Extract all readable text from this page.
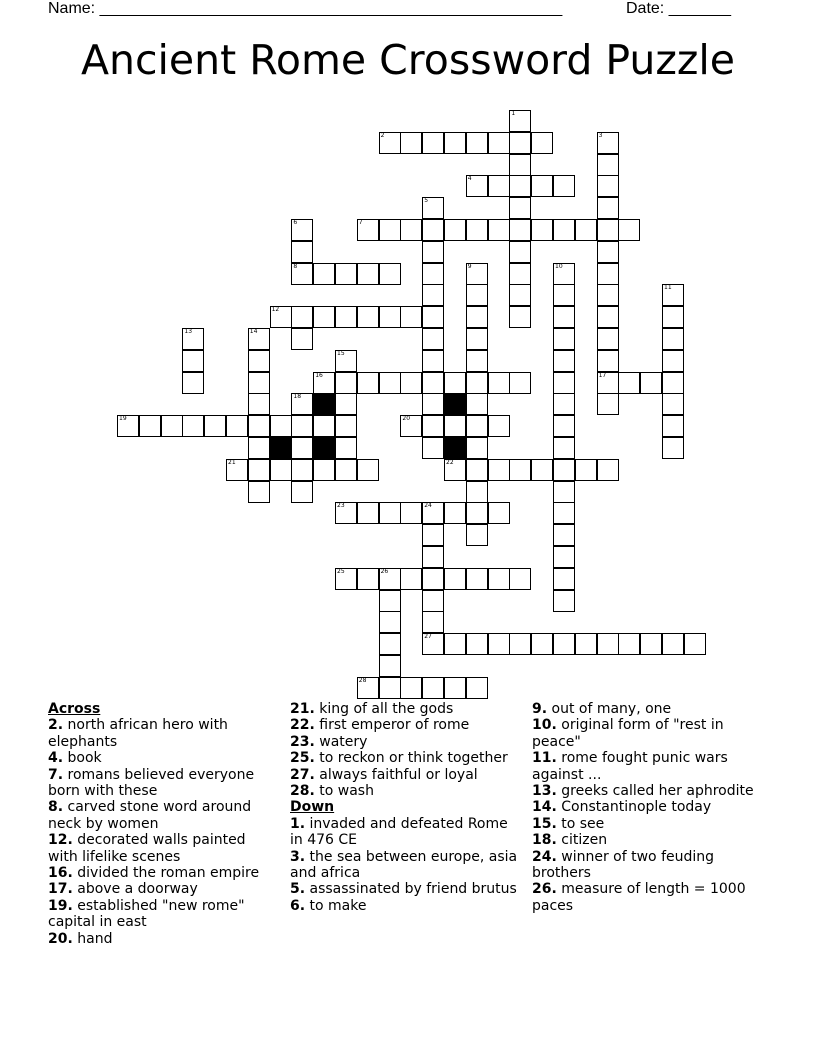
Name: ____________________________________________________	Date: _______
Ancient Rome Crossword Puzzle
1
2	3
4
5
6	7
8	9	10
11
12
13	14
15
16	17
18
19	20
21	22
23	24
25	26
27
28
Across
2. north african hero with elephants
4. book
7. romans believed everyone born with these
8. carved stone word around neck by women
12. decorated walls painted with lifelike scenes
16. divided the roman empire
17. above a doorway
19. established "new rome" capital in east
20. hand
21. king of all the gods
22. first emperor of rome
23. watery
25. to reckon or think together
27. always faithful or loyal
28. to wash
Down
1. invaded and defeated Rome in 476 CE
3. the sea between europe, asia and africa
5. assassinated by friend brutus
6. to make
9. out of many, one
10. original form of "rest in peace"
11. rome fought punic wars against ...
13. greeks called her aphrodite
14. Constantinople today
15. to see
18. citizen
24. winner of two feuding brothers
26. measure of length = 1000 paces
